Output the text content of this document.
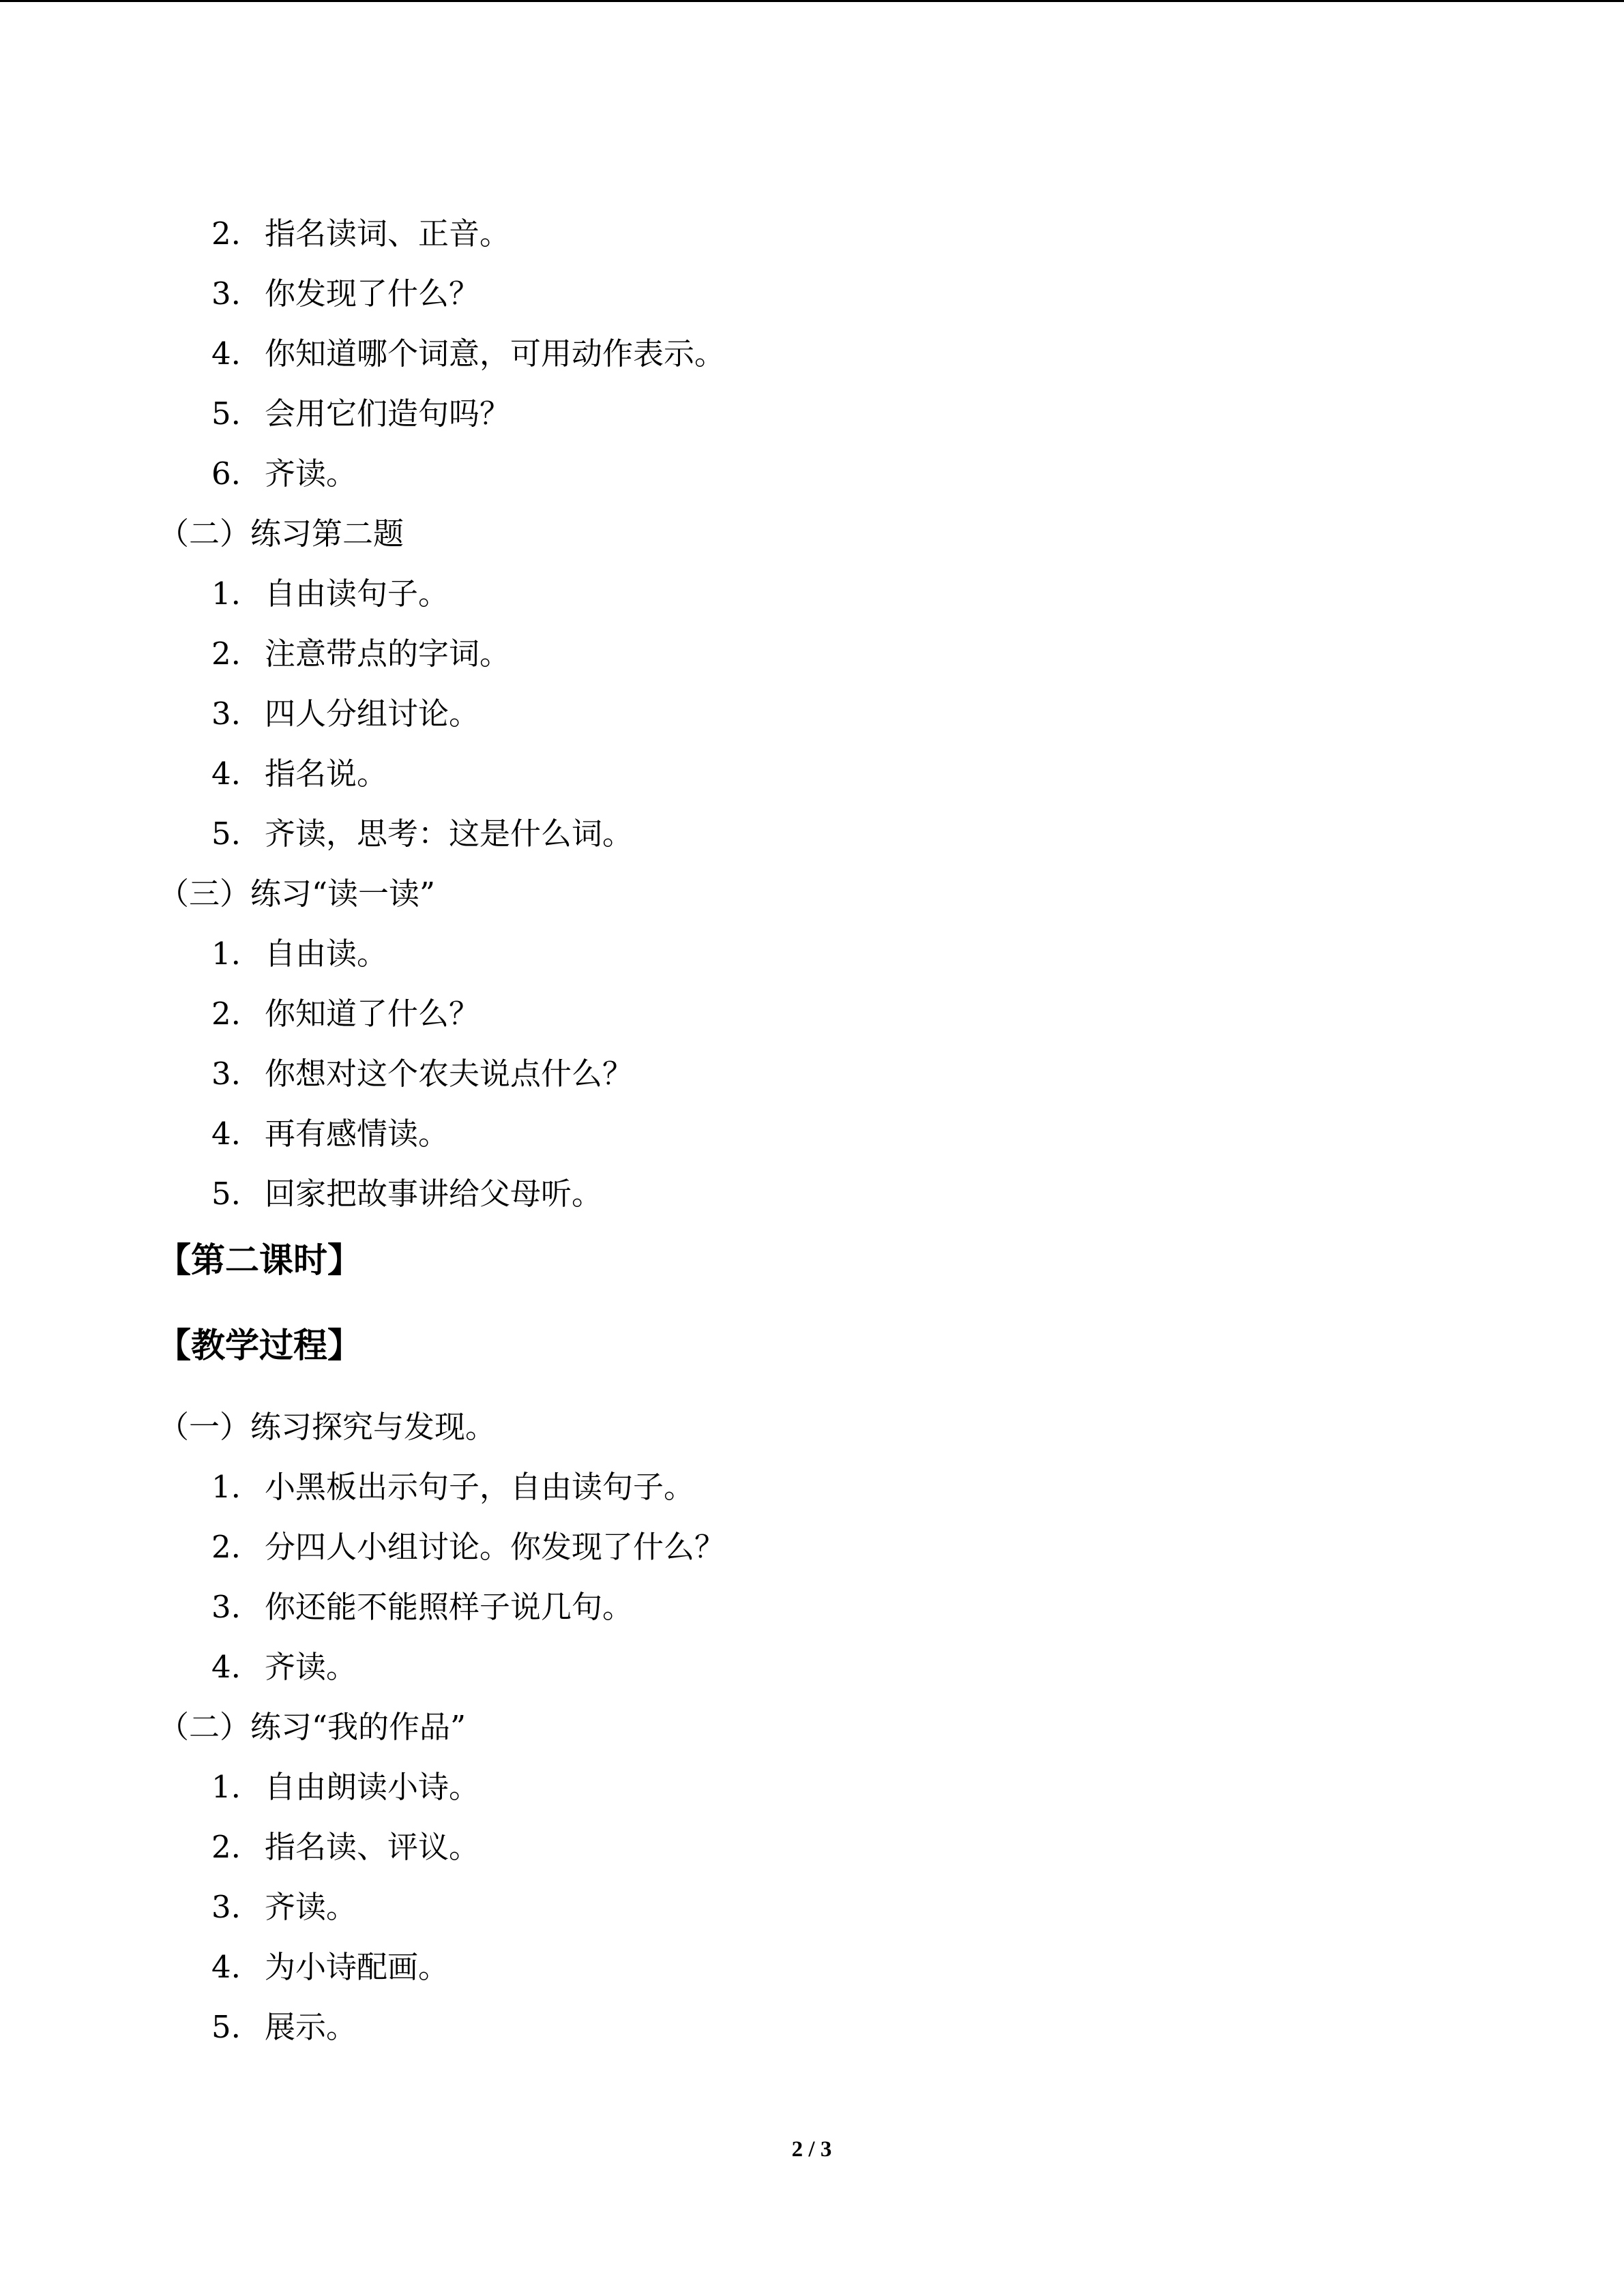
2. 指名读词、正音。
3. 你发现了什么？
4. 你知道哪个词意，可用动作表示。
5. 会用它们造句吗？
6. 齐读。
（二）练习第二题
1. 自由读句子。
2. 注意带点的字词。
3. 四人分组讨论。
4. 指名说。
5. 齐读，思考：这是什么词。
（三）练习“读一读”
1. 自由读。
2. 你知道了什么？
3. 你想对这个农夫说点什么？
4. 再有感情读。
5. 回家把故事讲给父母听。
【第二课时】
【教学过程】
（一）练习探究与发现。
1. 小黑板出示句子，自由读句子。
2. 分四人小组讨论。你发现了什么？
3. 你还能不能照样子说几句。
4. 齐读。
（二）练习“我的作品”
1. 自由朗读小诗。
2. 指名读、评议。
3. 齐读。
4. 为小诗配画。
5. 展示。
2 / 3
